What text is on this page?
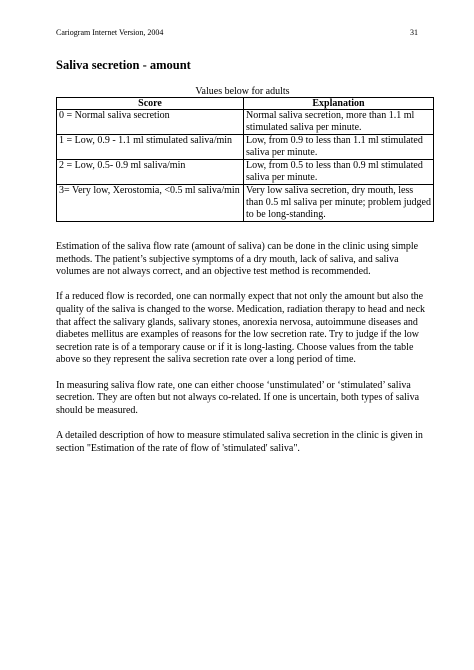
Cariogram Internet Version, 2004	31
Saliva secretion - amount
Values below for adults
Score	Explanation
0 = Normal saliva secretion	Normal saliva secretion, more than 1.1 ml stimulated saliva per minute.
1 = Low, 0.9 - 1.1 ml stimulated saliva/min	Low, from 0.9 to less than 1.1 ml stimulated saliva per minute.
2 = Low, 0.5- 0.9 ml saliva/min	Low, from 0.5 to less than 0.9 ml stimulated saliva per minute.
3= Very low, Xerostomia, <0.5 ml saliva/min	Very low saliva secretion, dry mouth, less than 0.5 ml saliva per minute; problem judged to be long-standing.

Estimation of the saliva flow rate (amount of saliva) can be done in the clinic using simple methods. The patient’s subjective symptoms of a dry mouth, lack of saliva, and saliva volumes are not always correct, and an objective test method is recommended.

If a reduced flow is recorded, one can normally expect that not only the amount but also the quality of the saliva is changed to the worse. Medication, radiation therapy to head and neck that affect the salivary glands, salivary stones, anorexia nervosa, autoimmune diseases and diabetes mellitus are examples of reasons for the low secretion rate. Try to judge if the low secretion rate is of a temporary cause or if it is long-lasting. Choose values from the table above so they represent the saliva secretion rate over a long period of time.

In measuring saliva flow rate, one can either choose ‘unstimulated’ or ‘stimulated’ saliva secretion. They are often but not always co-related. If one is uncertain, both types of saliva should be measured.

A detailed description of how to measure stimulated saliva secretion in the clinic is given in section "Estimation of the rate of flow of 'stimulated' saliva".
